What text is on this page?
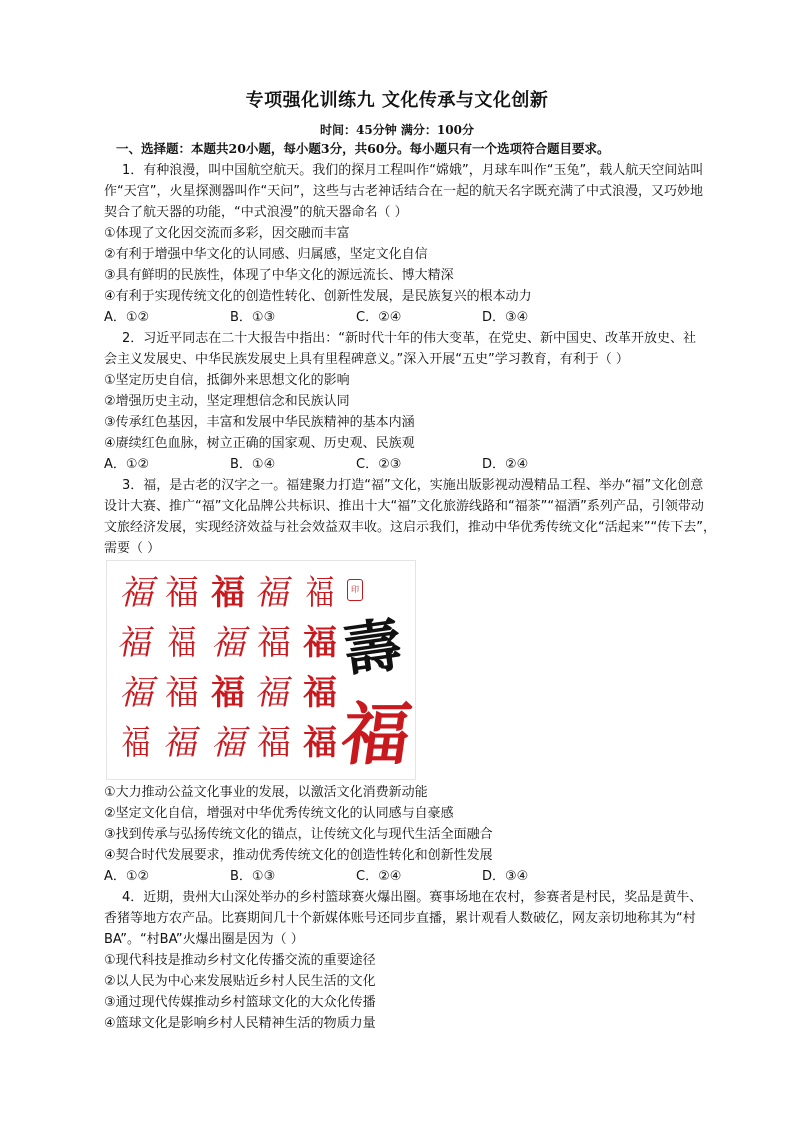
专项强化训练九 文化传承与文化创新
时间：45分钟 满分：100分
一、选择题：本题共20小题，每小题3分，共60分。每小题只有一个选项符合题目要求。
1．有种浪漫，叫中国航空航天。我们的探月工程叫作“嫦娥”，月球车叫作“玉兔”，载人航天空间站叫
作“天宫”，火星探测器叫作“天问”，这些与古老神话结合在一起的航天名字既充满了中式浪漫，又巧妙地
契合了航天器的功能，“中式浪漫”的航天器命名（ ）
①体现了文化因交流而多彩，因交融而丰富
②有利于增强中华文化的认同感、归属感，坚定文化自信
③具有鲜明的民族性，体现了中华文化的源远流长、博大精深
④有利于实现传统文化的创造性转化、创新性发展，是民族复兴的根本动力
A．①②	B．①③	C．②④	D．③④
2．习近平同志在二十大报告中指出：“新时代十年的伟大变革，在党史、新中国史、改革开放史、社
会主义发展史、中华民族发展史上具有里程碑意义。”深入开展“五史”学习教育，有利于（ ）
①坚定历史自信，抵御外来思想文化的影响
②增强历史主动，坚定理想信念和民族认同
③传承红色基因，丰富和发展中华民族精神的基本内涵
④赓续红色血脉，树立正确的国家观、历史观、民族观
A．①②	B．①④	C．②③	D．②④
3．福，是古老的汉字之一。福建聚力打造“福”文化，实施出版影视动漫精品工程、举办“福”文化创意
设计大赛、推广“福”文化品牌公共标识、推出十大“福”文化旅游线路和“福茶”“福酒”系列产品，引领带动
文旅经济发展，实现经济效益与社会效益双丰收。这启示我们，推动中华优秀传统文化“活起来”“传下去”，
需要（ ）
福 福 福 福 福
福 福 福 福 福
福 福 福 福 福
福 福 福 福 福
印
壽
福
①大力推动公益文化事业的发展，以激活文化消费新动能
②坚定文化自信，增强对中华优秀传统文化的认同感与自豪感
③找到传承与弘扬传统文化的锚点，让传统文化与现代生活全面融合
④契合时代发展要求，推动优秀传统文化的创造性转化和创新性发展
A．①②	B．①③	C．②④	D．③④
4．近期，贵州大山深处举办的乡村篮球赛火爆出圈。赛事场地在农村，参赛者是村民，奖品是黄牛、
香猪等地方农产品。比赛期间几十个新媒体账号还同步直播，累计观看人数破亿，网友亲切地称其为“村
BA”。“村BA”火爆出圈是因为（ ）
①现代科技是推动乡村文化传播交流的重要途径
②以人民为中心来发展贴近乡村人民生活的文化
③通过现代传媒推动乡村篮球文化的大众化传播
④篮球文化是影响乡村人民精神生活的物质力量
